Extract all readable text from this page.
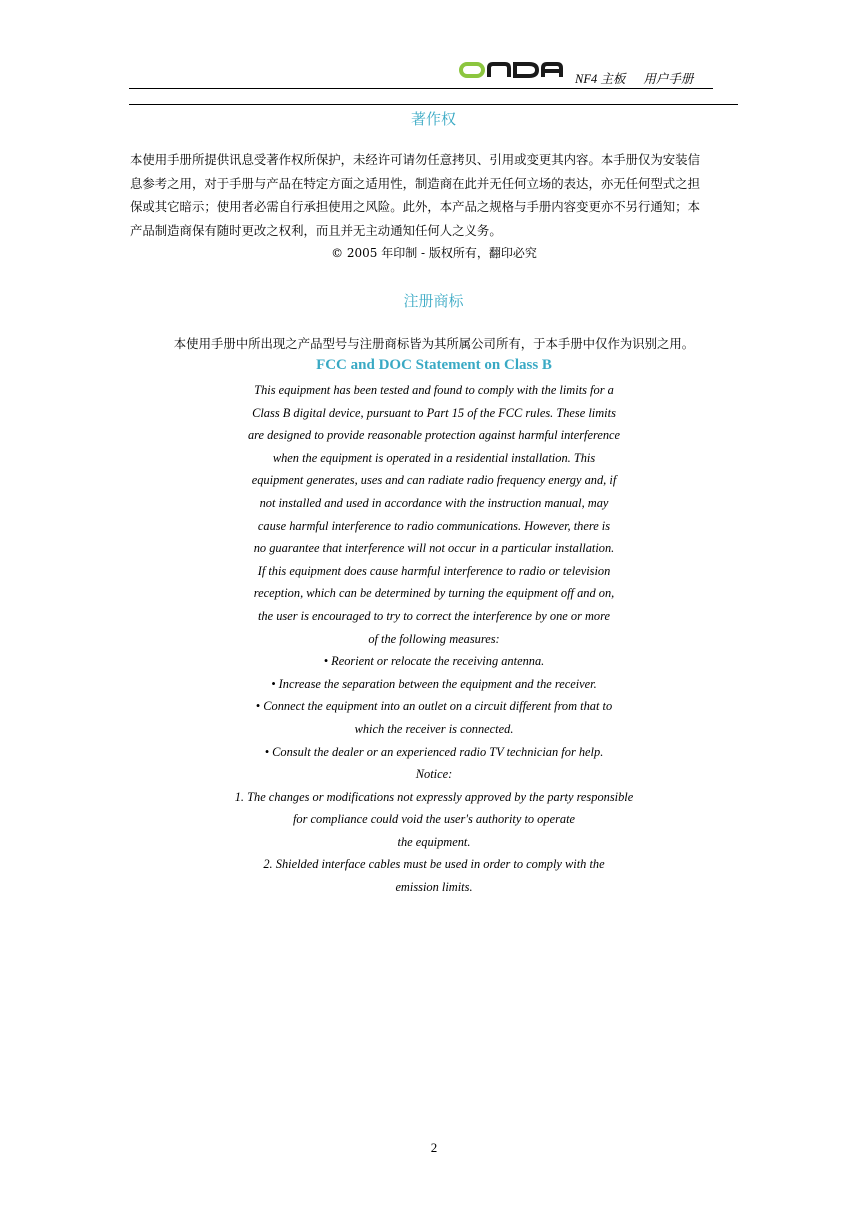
NF4 主板 用户手册
著作权
本使用手册所提供讯息受著作权所保护，未经许可请勿任意拷贝、引用或变更其内容。本手册仅为安装信
息参考之用，对于手册与产品在特定方面之适用性，制造商在此并无任何立场的表达，亦无任何型式之担
保或其它暗示；使用者必需自行承担使用之风险。此外，本产品之规格与手册内容变更亦不另行通知；本
产品制造商保有随时更改之权利，而且并无主动通知任何人之义务。
© 2005 年印制 - 版权所有，翻印必究
注册商标
本使用手册中所出现之产品型号与注册商标皆为其所属公司所有，于本手册中仅作为识别之用。
FCC and DOC Statement on Class B
This equipment has been tested and found to comply with the limits for a
Class B digital device, pursuant to Part 15 of the FCC rules. These limits
are designed to provide reasonable protection against harmful interference
when the equipment is operated in a residential installation. This
equipment generates, uses and can radiate radio frequency energy and, if
not installed and used in accordance with the instruction manual, may
cause harmful interference to radio communications. However, there is
no guarantee that interference will not occur in a particular installation.
If this equipment does cause harmful interference to radio or television
reception, which can be determined by turning the equipment off and on,
the user is encouraged to try to correct the interference by one or more
of the following measures:
• Reorient or relocate the receiving antenna.
• Increase the separation between the equipment and the receiver.
• Connect the equipment into an outlet on a circuit different from that to
which the receiver is connected.
• Consult the dealer or an experienced radio TV technician for help.
Notice:
1. The changes or modifications not expressly approved by the party responsible
for compliance could void the user's authority to operate
the equipment.
2. Shielded interface cables must be used in order to comply with the
emission limits.
2
